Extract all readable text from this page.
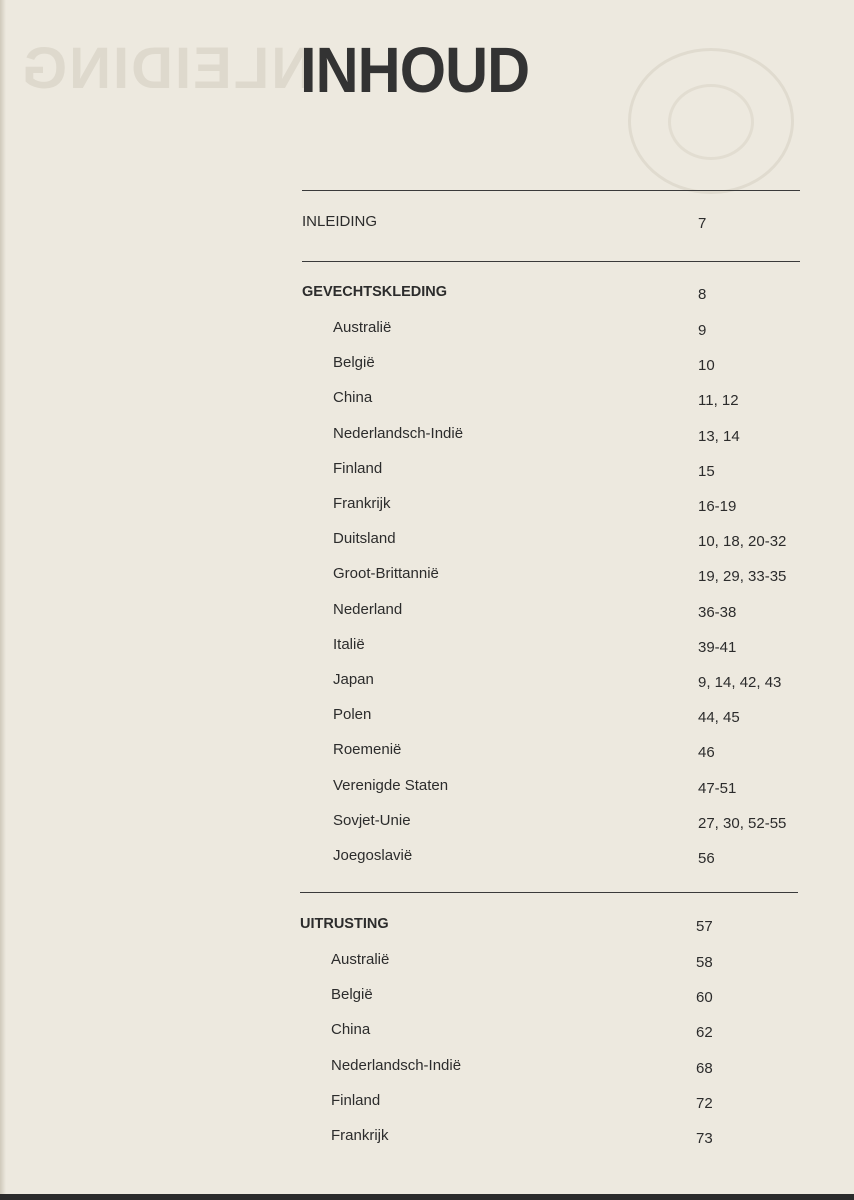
INLEIDING
INHOUD
INLEIDING	7
GEVECHTSKLEDING	8
Australië	9
België	10
China	11, 12
Nederlandsch-Indië	13, 14
Finland	15
Frankrijk	16-19
Duitsland	10, 18, 20-32
Groot-Brittannië	19, 29, 33-35
Nederland	36-38
Italië	39-41
Japan	9, 14, 42, 43
Polen	44, 45
Roemenië	46
Verenigde Staten	47-51
Sovjet-Unie	27, 30, 52-55
Joegoslavië	56
UITRUSTING	57
Australië	58
België	60
China	62
Nederlandsch-Indië	68
Finland	72
Frankrijk	73
